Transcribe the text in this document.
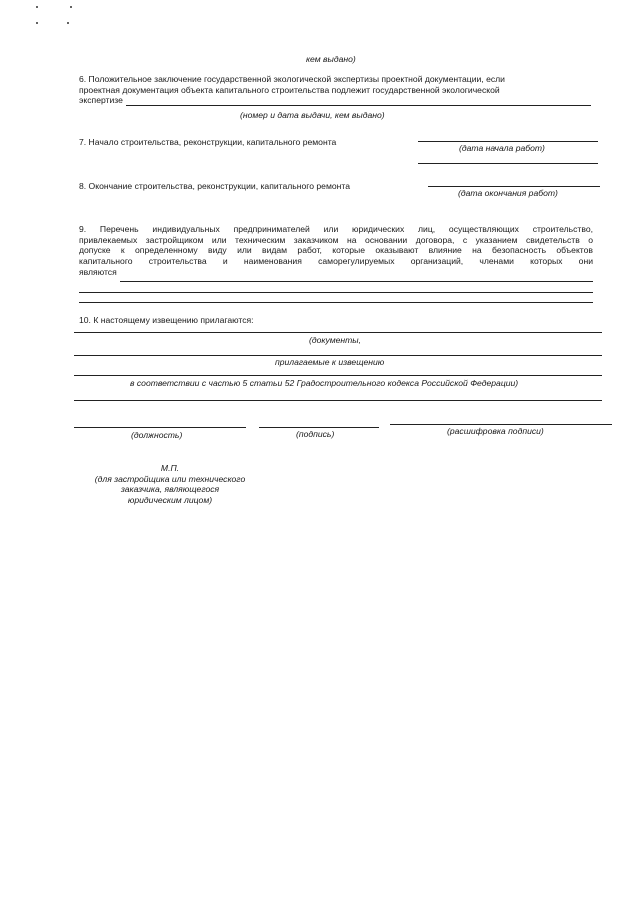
кем выдано)
6. Положительное заключение государственной экологической экспертизы проектной документации, если
проектная документация объекта капитального строительства подлежит государственной экологической
экспертизе
(номер и дата выдачи, кем выдано)
7. Начало строительства, реконструкции, капитального ремонта
(дата начала работ)
8. Окончание строительства, реконструкции, капитального ремонта
(дата окончания работ)
9. Перечень индивидуальных предпринимателей или юридических лиц, осуществляющих строительство,
привлекаемых застройщиком или техническим заказчиком на основании договора, с указанием свидетельств о
допуске к определенному виду или видам работ, которые оказывают влияние на безопасность объектов
капитального строительства и наименования саморегулируемых организаций, членами которых они
являются
10. К настоящему извещению прилагаются:
(документы,
прилагаемые к извещению
в соответствии с частью 5 статьи 52 Градостроительного кодекса Российской Федерации)
(должность)	(подпись)	(расшифровка подписи)
М.П.
(для застройщика или технического
заказчика, являющегося
юридическим лицом)
